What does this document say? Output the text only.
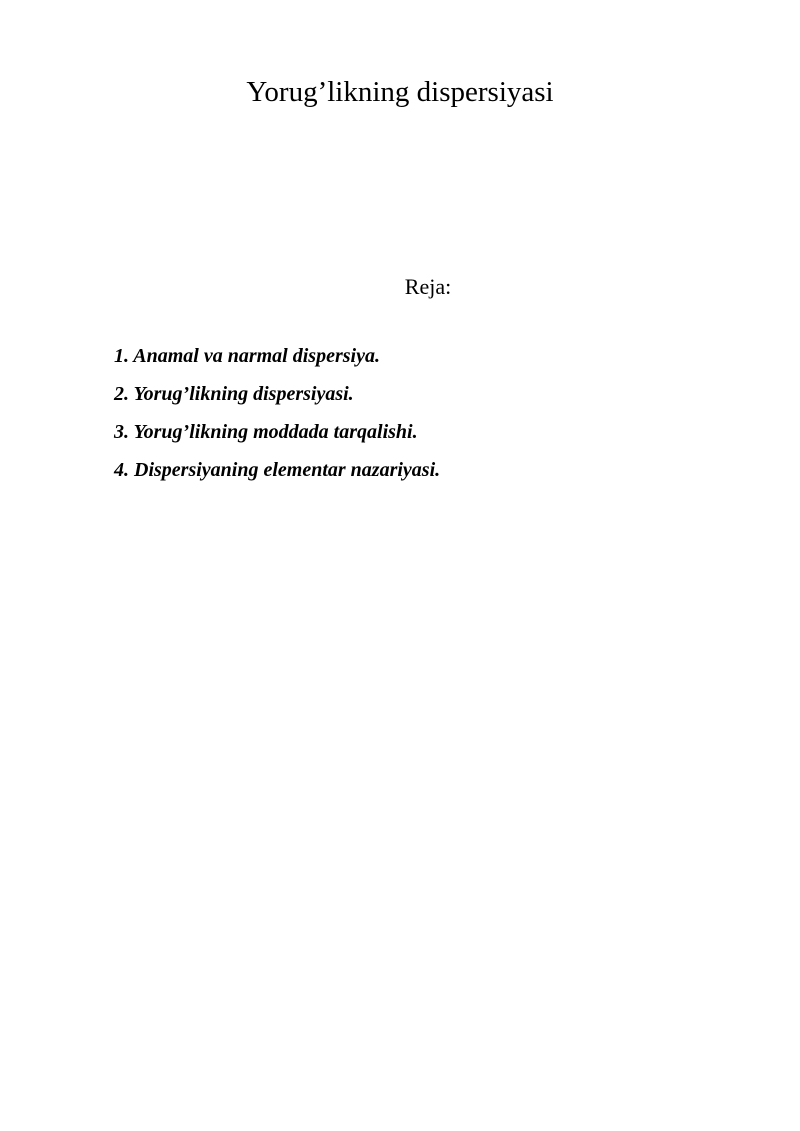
Yorug’likning dispersiyasi
Reja:
1. Anamal va narmal dispersiya.
2. Yorug’likning dispersiyasi.
3. Yorug’likning moddada tarqalishi.
4. Dispersiyaning elementar nazariyasi.
